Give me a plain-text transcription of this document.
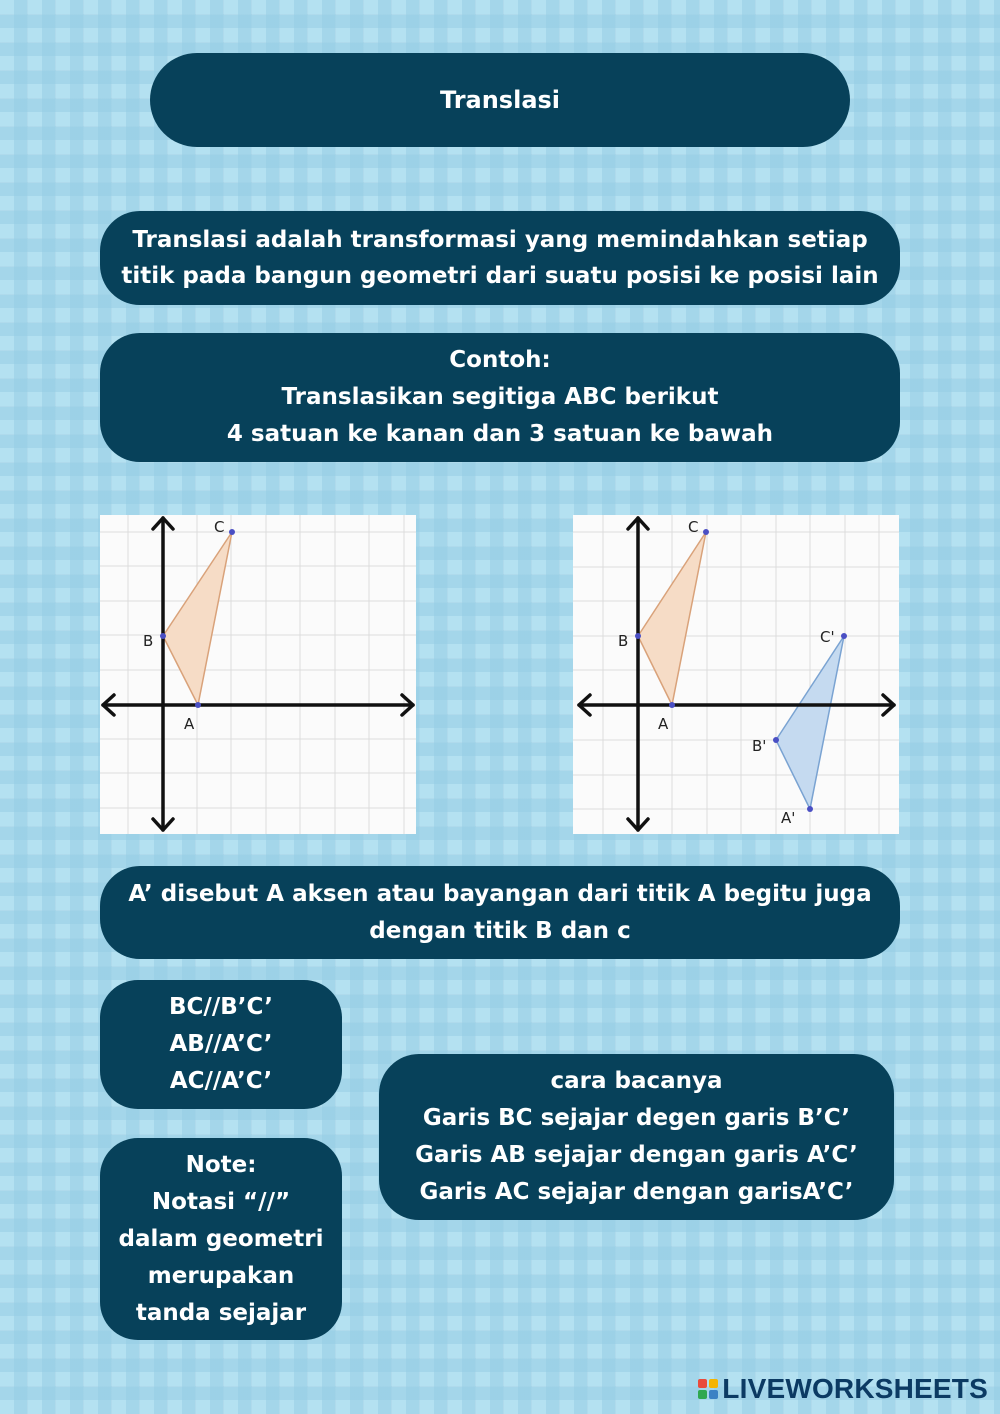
Translasi
Translasi adalah transformasi yang memindahkan setiap
titik pada bangun geometri dari suatu posisi ke posisi lain
Contoh:
Translasikan segitiga ABC berikut
4 satuan ke kanan dan 3 satuan ke bawah
A
B
C
A
B
C
A'
B'
C'
A’ disebut A aksen atau bayangan dari titik A begitu juga
dengan titik B dan c
BC//B’C’
AB//A’C’
AC//A’C’
Note:
Notasi “//”
dalam geometri
merupakan
tanda sejajar
cara bacanya
Garis BC sejajar degen garis B’C’
Garis AB sejajar dengan garis A’C’
Garis AC sejajar dengan garisA’C’
LIVEWORKSHEETS
